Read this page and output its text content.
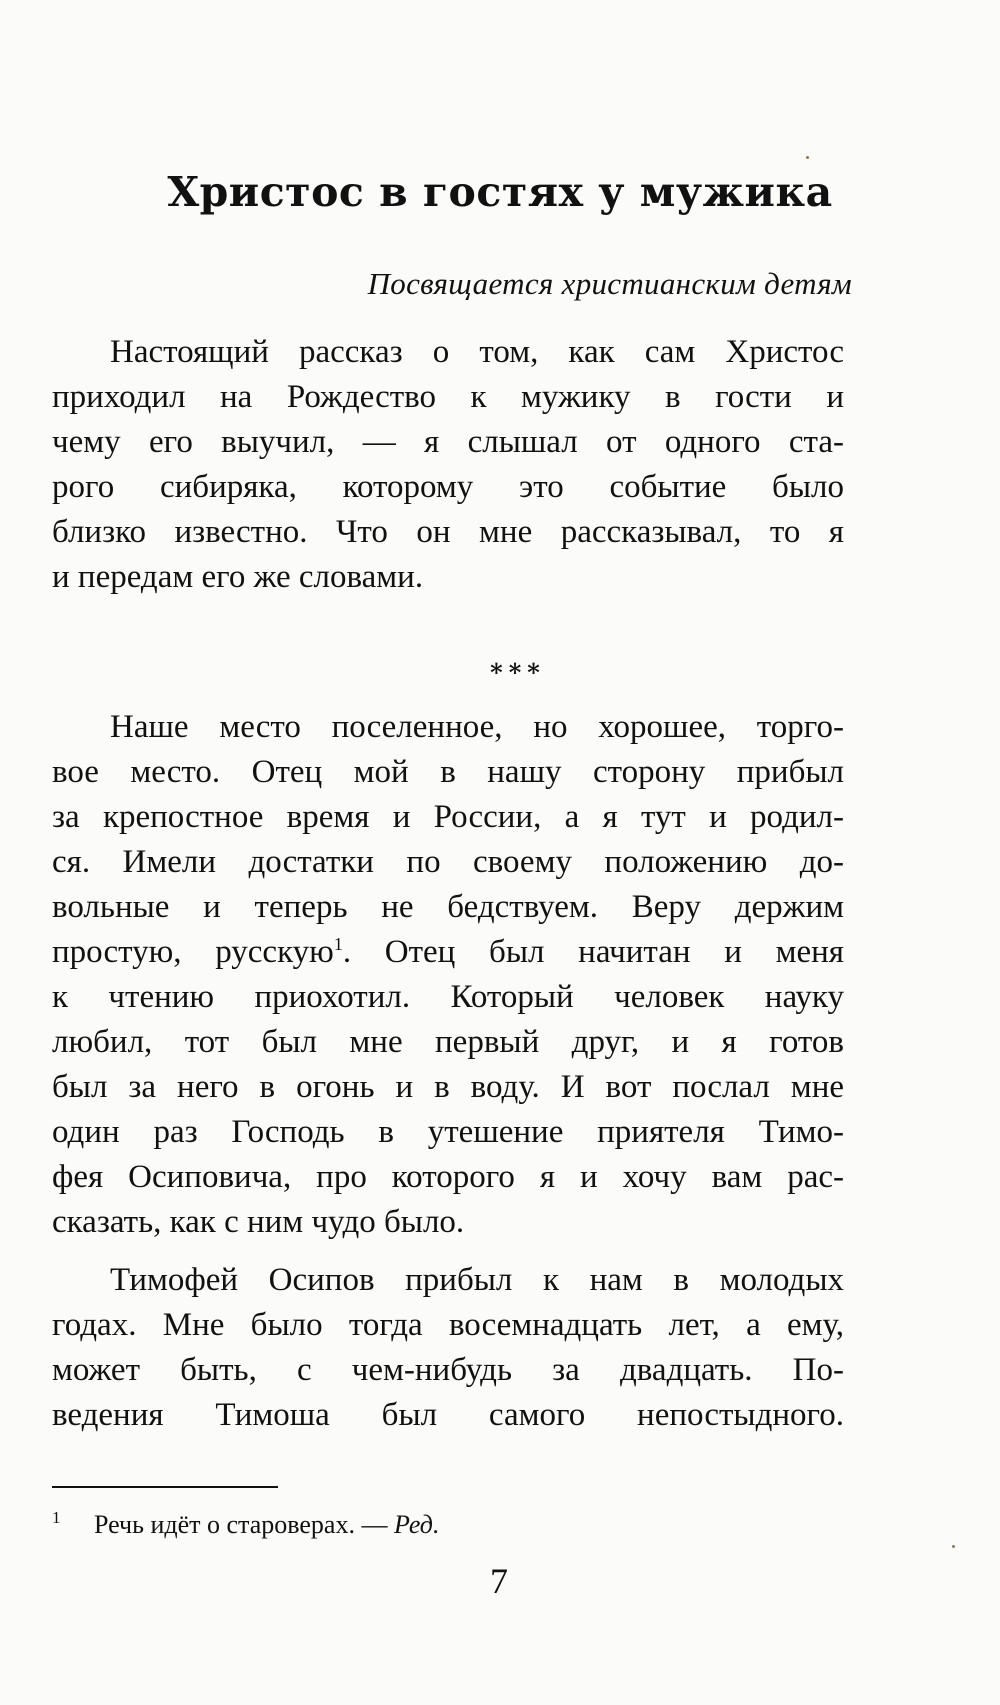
Христос в гостях у мужика
Посвящается христианским детям
Настоящий рассказ о том, как сам Христос
приходил на Рождество к мужику в гости и
чему его выучил, — я слышал от одного ста-
рого сибиряка, которому это событие было
близко известно. Что он мне рассказывал, то я
и передам его же словами.
***
Наше место поселенное, но хорошее, торго-
вое место. Отец мой в нашу сторону прибыл
за крепостное время и России, а я тут и родил-
ся. Имели достатки по своему положению до-
вольные и теперь не бедствуем. Веру держим
простую, русскую$^1$. Отец был начитан и меня
к чтению приохотил. Который человек науку
любил, тот был мне первый друг, и я готов
был за него в огонь и в воду. И вот послал мне
один раз Господь в утешение приятеля Тимо-
фея Осиповича, про которого я и хочу вам рас-
сказать, как с ним чудо было.
Тимофей Осипов прибыл к нам в молодых
годах. Мне было тогда восемнадцать лет, а ему,
может быть, с чем-нибудь за двадцать. По-
ведения Тимоша был самого непостыдного.
1 Речь идёт о староверах. — Ред.
7
